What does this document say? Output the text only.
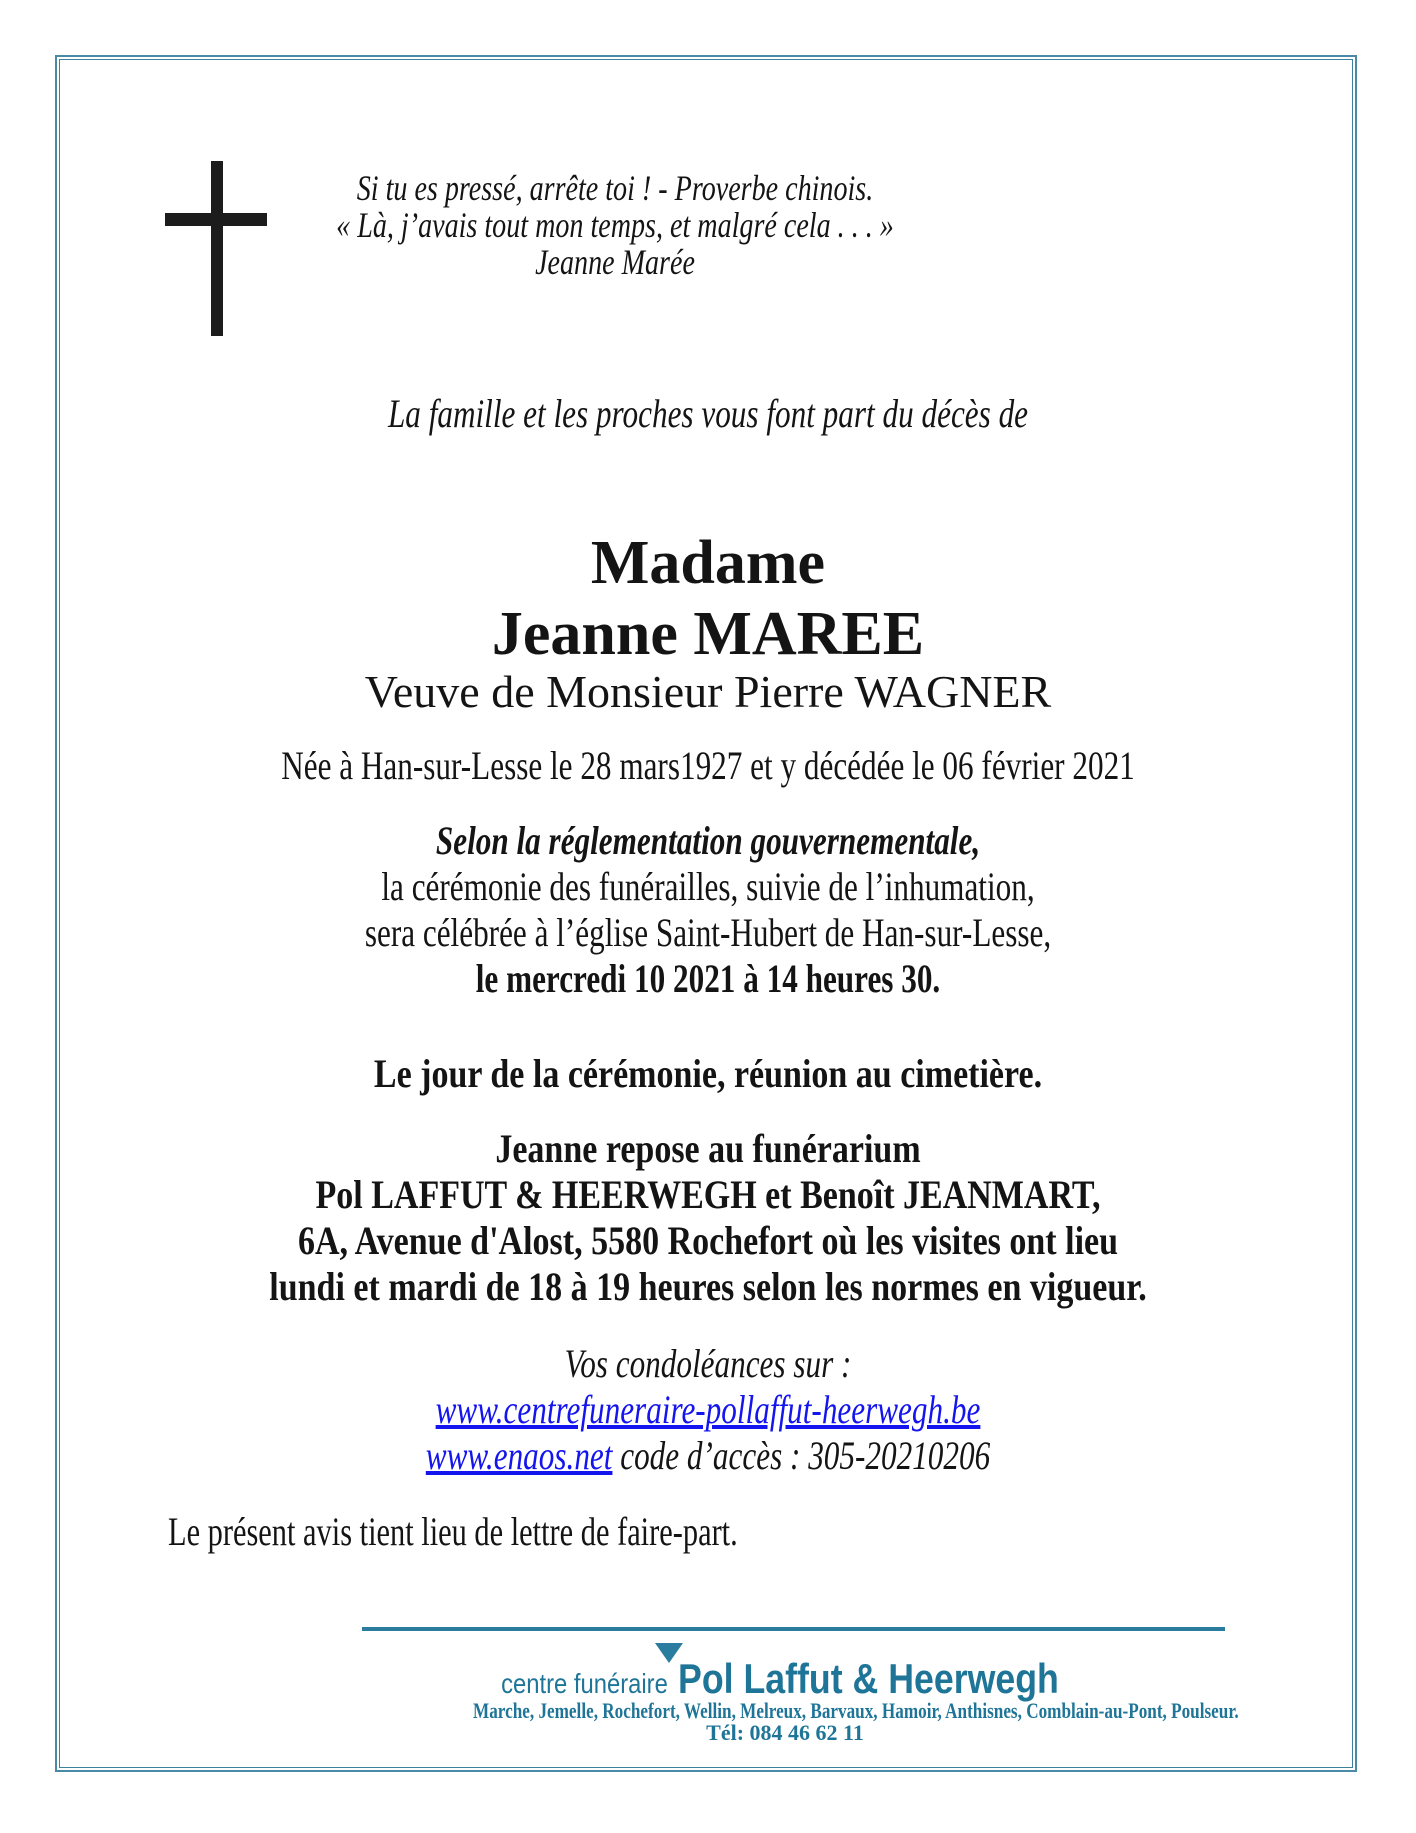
Si tu es pressé, arrête toi ! - Proverbe chinois.
« Là, j’avais tout mon temps, et malgré cela . . . »
Jeanne Marée
La famille et les proches vous font part du décès de
Madame
Jeanne MAREE
Veuve de Monsieur Pierre WAGNER
Née à Han-sur-Lesse le 28 mars1927 et y décédée le 06 février 2021
Selon la réglementation gouvernementale,
la cérémonie des funérailles, suivie de l’inhumation,
sera célébrée à l’église Saint-Hubert de Han-sur-Lesse,
le mercredi 10 2021 à 14 heures 30.
Le jour de la cérémonie, réunion au cimetière.
Jeanne repose au funérarium
Pol LAFFUT & HEERWEGH et Benoît JEANMART,
6A, Avenue d'Alost, 5580 Rochefort où les visites ont lieu
lundi et mardi de 18 à 19 heures selon les normes en vigueur.
Vos condoléances sur :
www.centrefuneraire-pollaffut-heerwegh.be
www.enaos.net code d’accès : 305-20210206
Le présent avis tient lieu de lettre de faire-part.
centre funéraire Pol Laffut & Heerwegh
Marche, Jemelle, Rochefort, Wellin, Melreux, Barvaux, Hamoir, Anthisnes, Comblain-au-Pont, Poulseur.
Tél: 084 46 62 11
